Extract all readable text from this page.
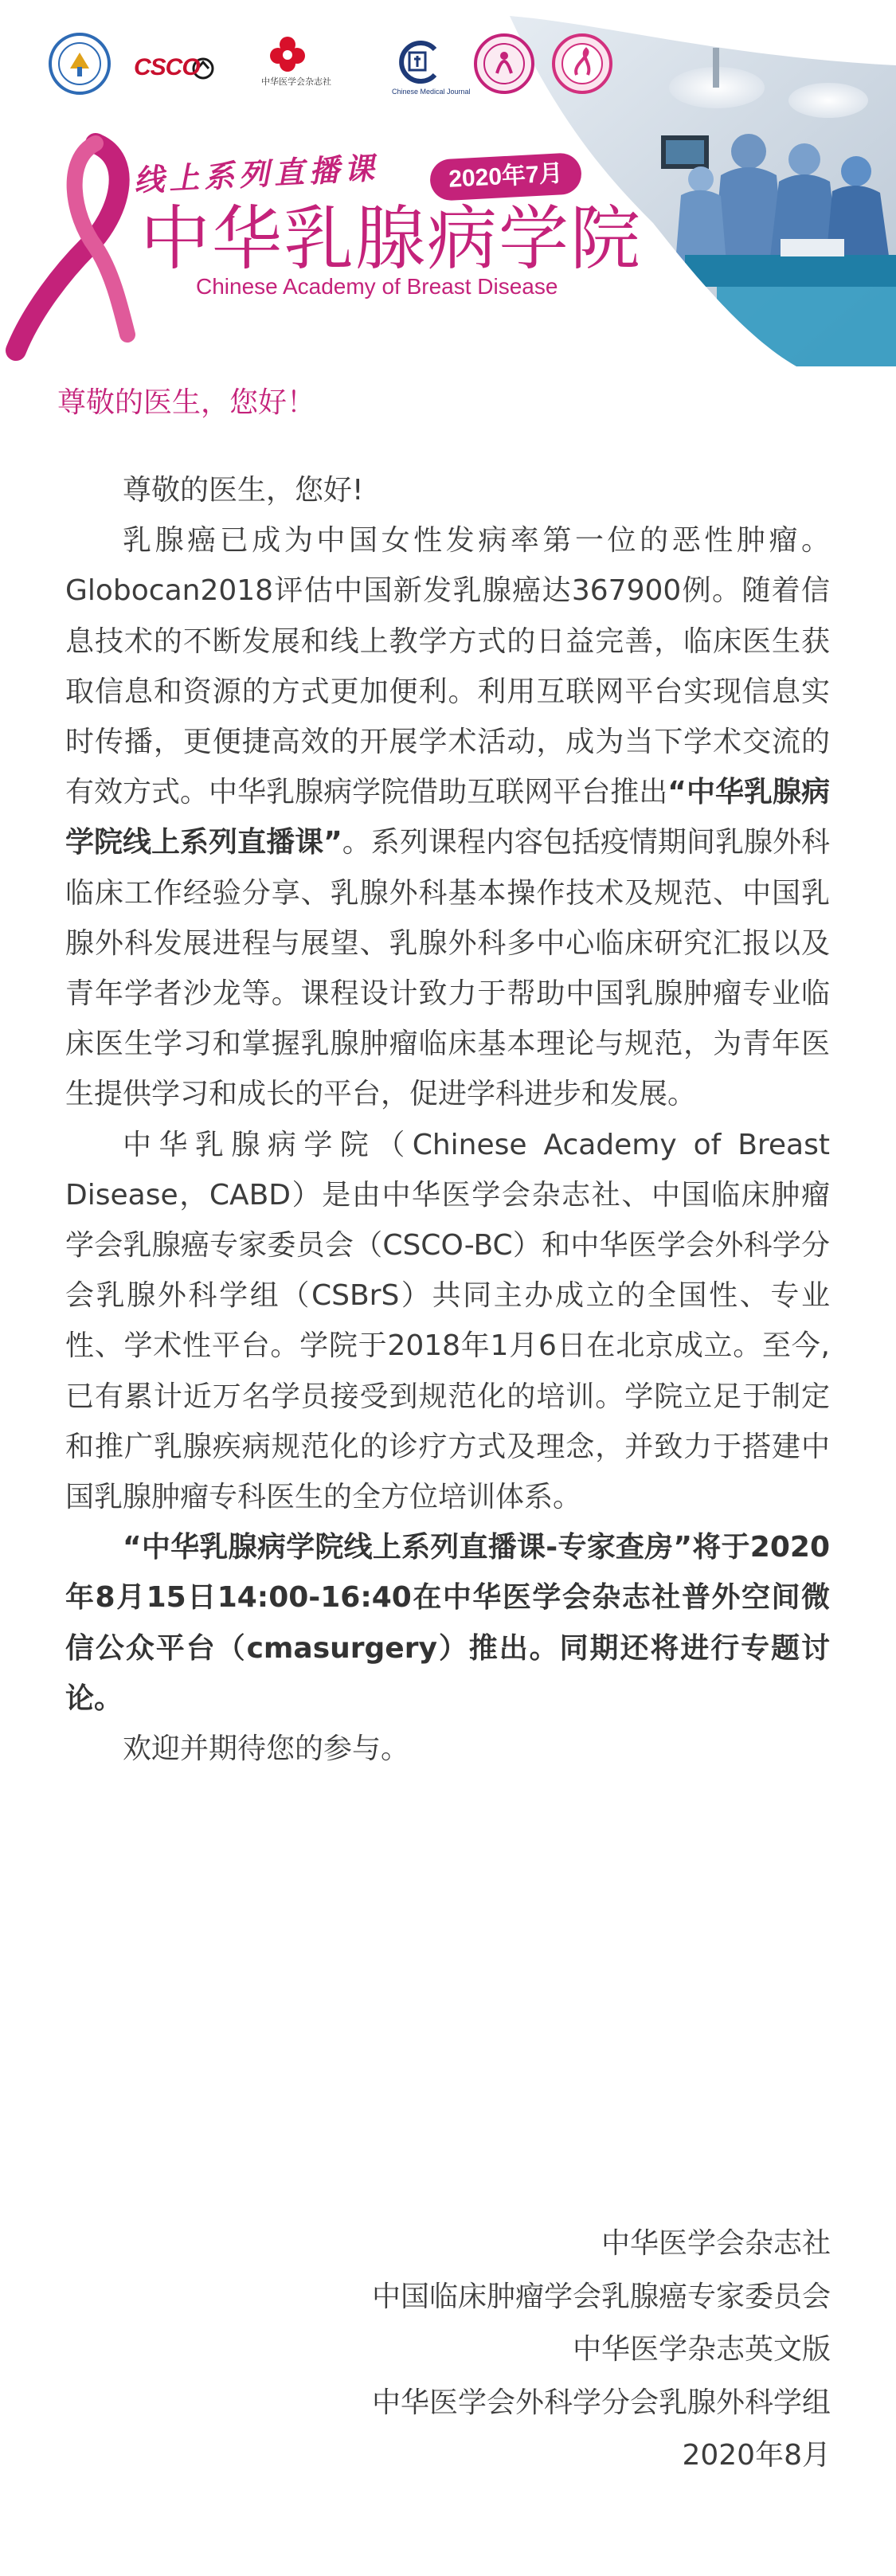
CSCO
中华医学会杂志社
Chinese Medical Journal
线上系列直播课	2020年7月
中华乳腺病学院
Chinese Academy of Breast Disease
尊敬的医生，您好！

尊敬的医生，您好!

乳腺癌已成为中国女性发病率第一位的恶性肿瘤。Globocan2018评估中国新发乳腺癌达367900例。随着信息技术的不断发展和线上教学方式的日益完善，临床医生获取信息和资源的方式更加便利。利用互联网平台实现信息实时传播，更便捷高效的开展学术活动，成为当下学术交流的有效方式。中华乳腺病学院借助互联网平台推出“中华乳腺病学院线上系列直播课”。系列课程内容包括疫情期间乳腺外科临床工作经验分享、乳腺外科基本操作技术及规范、中国乳腺外科发展进程与展望、乳腺外科多中心临床研究汇报以及青年学者沙龙等。课程设计致力于帮助中国乳腺肿瘤专业临床医生学习和掌握乳腺肿瘤临床基本理论与规范，为青年医生提供学习和成长的平台，促进学科进步和发展。

中华乳腺病学院（Chinese Academy of Breast Disease，CABD）是由中华医学会杂志社、中国临床肿瘤学会乳腺癌专家委员会（CSCO-BC）和中华医学会外科学分会乳腺外科学组（CSBrS）共同主办成立的全国性、专业性、学术性平台。学院于2018年1月6日在北京成立。至今,已有累计近万名学员接受到规范化的培训。学院立足于制定和推广乳腺疾病规范化的诊疗方式及理念，并致力于搭建中国乳腺肿瘤专科医生的全方位培训体系。

“中华乳腺病学院线上系列直播课-专家查房”将于2020年8月15日14:00-16:40在中华医学会杂志社普外空间微信公众平台（cmasurgery）推出。同期还将进行专题讨论。

欢迎并期待您的参与。

中华医学会杂志社
中国临床肿瘤学会乳腺癌专家委员会
中华医学杂志英文版
中华医学会外科学分会乳腺外科学组
2020年8月
